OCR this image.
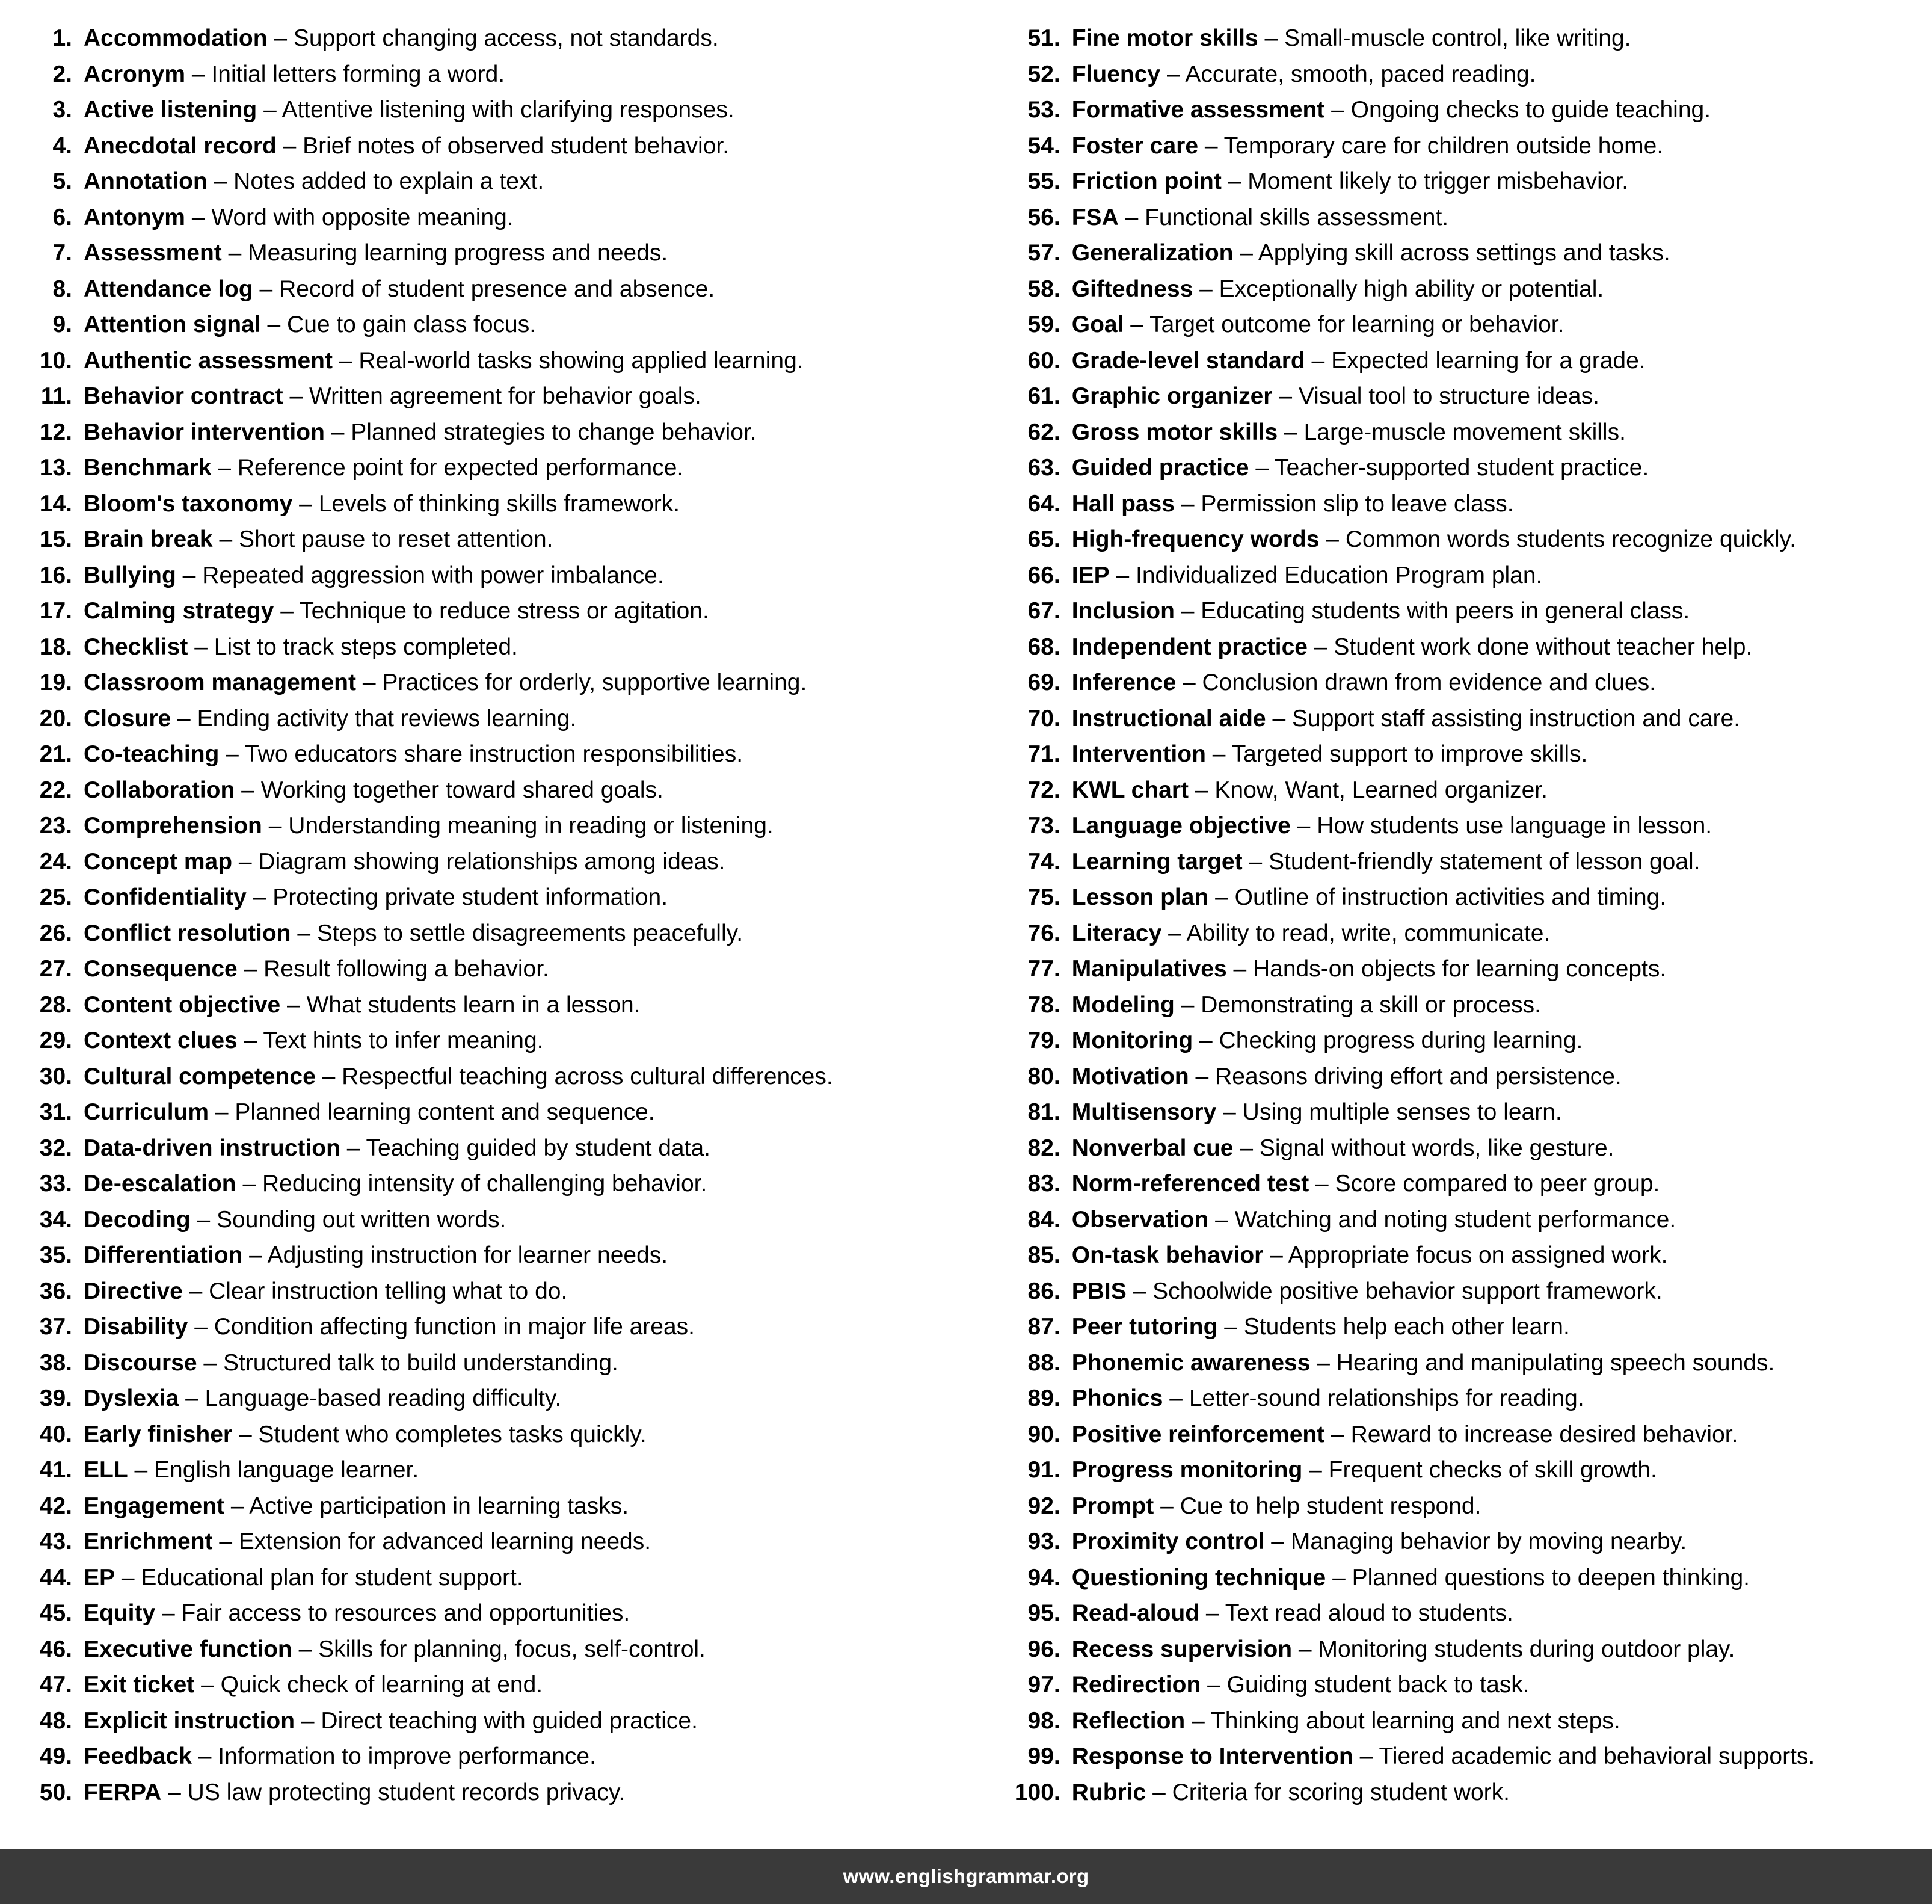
1. Accommodation – Support changing access, not standards.
2. Acronym – Initial letters forming a word.
3. Active listening – Attentive listening with clarifying responses.
4. Anecdotal record – Brief notes of observed student behavior.
5. Annotation – Notes added to explain a text.
6. Antonym – Word with opposite meaning.
7. Assessment – Measuring learning progress and needs.
8. Attendance log – Record of student presence and absence.
9. Attention signal – Cue to gain class focus.
10. Authentic assessment – Real-world tasks showing applied learning.
11. Behavior contract – Written agreement for behavior goals.
12. Behavior intervention – Planned strategies to change behavior.
13. Benchmark – Reference point for expected performance.
14. Bloom's taxonomy – Levels of thinking skills framework.
15. Brain break – Short pause to reset attention.
16. Bullying – Repeated aggression with power imbalance.
17. Calming strategy – Technique to reduce stress or agitation.
18. Checklist – List to track steps completed.
19. Classroom management – Practices for orderly, supportive learning.
20. Closure – Ending activity that reviews learning.
21. Co-teaching – Two educators share instruction responsibilities.
22. Collaboration – Working together toward shared goals.
23. Comprehension – Understanding meaning in reading or listening.
24. Concept map – Diagram showing relationships among ideas.
25. Confidentiality – Protecting private student information.
26. Conflict resolution – Steps to settle disagreements peacefully.
27. Consequence – Result following a behavior.
28. Content objective – What students learn in a lesson.
29. Context clues – Text hints to infer meaning.
30. Cultural competence – Respectful teaching across cultural differences.
31. Curriculum – Planned learning content and sequence.
32. Data-driven instruction – Teaching guided by student data.
33. De-escalation – Reducing intensity of challenging behavior.
34. Decoding – Sounding out written words.
35. Differentiation – Adjusting instruction for learner needs.
36. Directive – Clear instruction telling what to do.
37. Disability – Condition affecting function in major life areas.
38. Discourse – Structured talk to build understanding.
39. Dyslexia – Language-based reading difficulty.
40. Early finisher – Student who completes tasks quickly.
41. ELL – English language learner.
42. Engagement – Active participation in learning tasks.
43. Enrichment – Extension for advanced learning needs.
44. EP – Educational plan for student support.
45. Equity – Fair access to resources and opportunities.
46. Executive function – Skills for planning, focus, self-control.
47. Exit ticket – Quick check of learning at end.
48. Explicit instruction – Direct teaching with guided practice.
49. Feedback – Information to improve performance.
50. FERPA – US law protecting student records privacy.
51. Fine motor skills – Small-muscle control, like writing.
52. Fluency – Accurate, smooth, paced reading.
53. Formative assessment – Ongoing checks to guide teaching.
54. Foster care – Temporary care for children outside home.
55. Friction point – Moment likely to trigger misbehavior.
56. FSA – Functional skills assessment.
57. Generalization – Applying skill across settings and tasks.
58. Giftedness – Exceptionally high ability or potential.
59. Goal – Target outcome for learning or behavior.
60. Grade-level standard – Expected learning for a grade.
61. Graphic organizer – Visual tool to structure ideas.
62. Gross motor skills – Large-muscle movement skills.
63. Guided practice – Teacher-supported student practice.
64. Hall pass – Permission slip to leave class.
65. High-frequency words – Common words students recognize quickly.
66. IEP – Individualized Education Program plan.
67. Inclusion – Educating students with peers in general class.
68. Independent practice – Student work done without teacher help.
69. Inference – Conclusion drawn from evidence and clues.
70. Instructional aide – Support staff assisting instruction and care.
71. Intervention – Targeted support to improve skills.
72. KWL chart – Know, Want, Learned organizer.
73. Language objective – How students use language in lesson.
74. Learning target – Student-friendly statement of lesson goal.
75. Lesson plan – Outline of instruction activities and timing.
76. Literacy – Ability to read, write, communicate.
77. Manipulatives – Hands-on objects for learning concepts.
78. Modeling – Demonstrating a skill or process.
79. Monitoring – Checking progress during learning.
80. Motivation – Reasons driving effort and persistence.
81. Multisensory – Using multiple senses to learn.
82. Nonverbal cue – Signal without words, like gesture.
83. Norm-referenced test – Score compared to peer group.
84. Observation – Watching and noting student performance.
85. On-task behavior – Appropriate focus on assigned work.
86. PBIS – Schoolwide positive behavior support framework.
87. Peer tutoring – Students help each other learn.
88. Phonemic awareness – Hearing and manipulating speech sounds.
89. Phonics – Letter-sound relationships for reading.
90. Positive reinforcement – Reward to increase desired behavior.
91. Progress monitoring – Frequent checks of skill growth.
92. Prompt – Cue to help student respond.
93. Proximity control – Managing behavior by moving nearby.
94. Questioning technique – Planned questions to deepen thinking.
95. Read-aloud – Text read aloud to students.
96. Recess supervision – Monitoring students during outdoor play.
97. Redirection – Guiding student back to task.
98. Reflection – Thinking about learning and next steps.
99. Response to Intervention – Tiered academic and behavioral supports.
100. Rubric – Criteria for scoring student work.
www.englishgrammar.org
